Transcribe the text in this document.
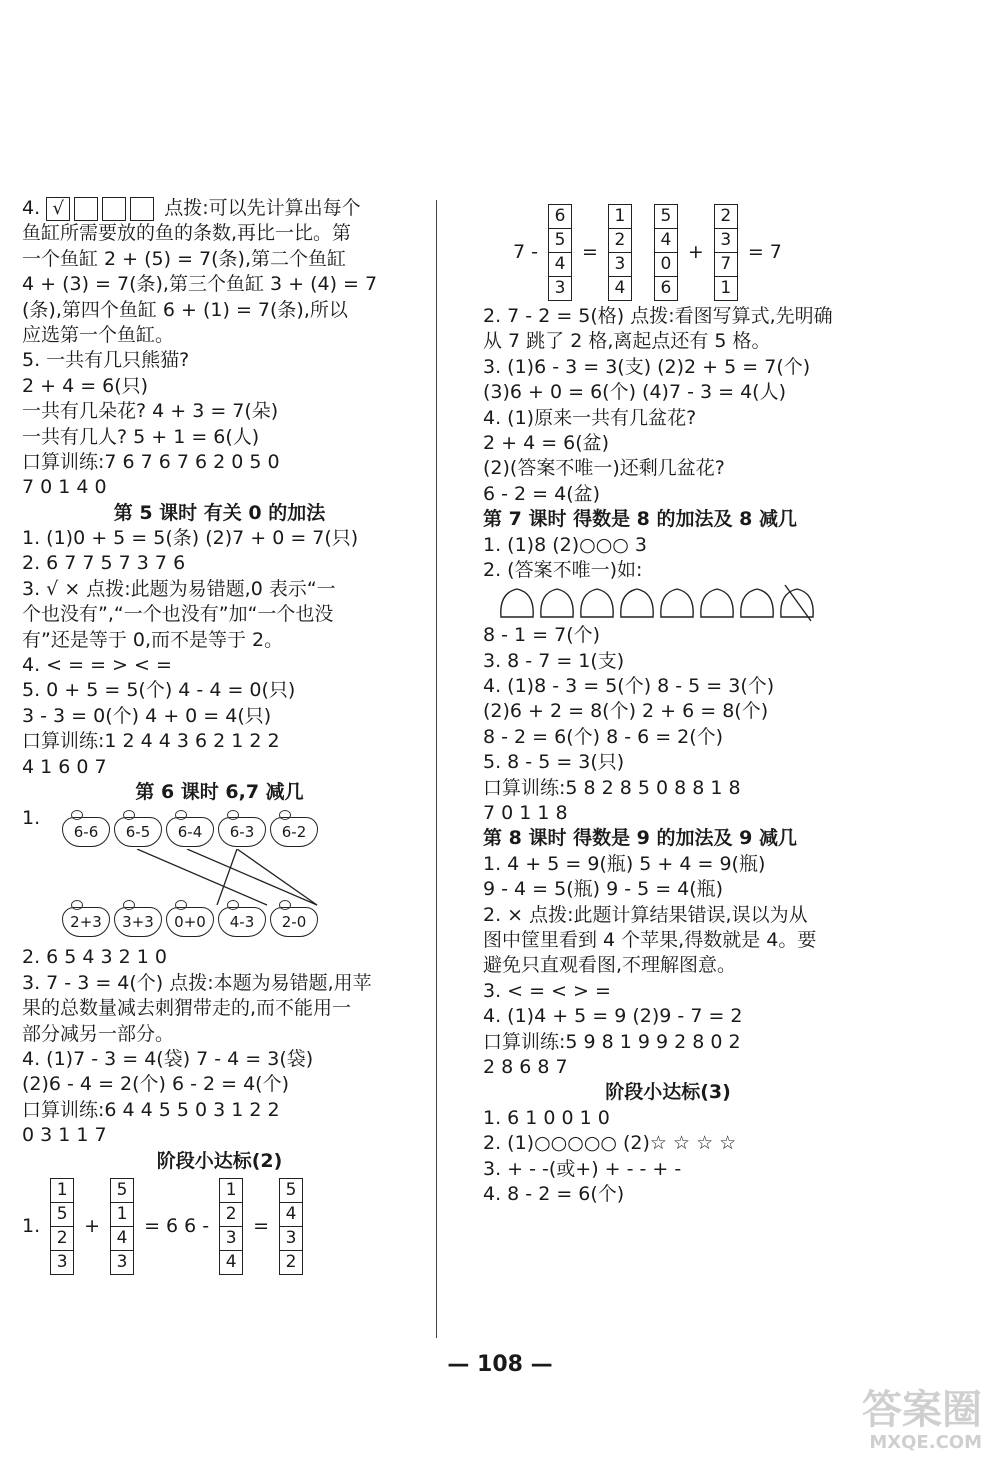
4. √	点拨:可以先计算出每个
鱼缸所需要放的鱼的条数,再比一比。第
一个鱼缸 2 + (5) = 7(条),第二个鱼缸
4 + (3) = 7(条),第三个鱼缸 3 + (4) = 7
(条),第四个鱼缸 6 + (1) = 7(条),所以
应选第一个鱼缸。
5. 一共有几只熊猫?
2 + 4 = 6(只)
一共有几朵花? 4 + 3 = 7(朵)
一共有几人? 5 + 1 = 6(人)
口算训练:7 6 7 6 7 6 2 0 5 0
7 0 1 4 0
第 5 课时 有关 0 的加法
1. (1)0 + 5 = 5(条) (2)7 + 0 = 7(只)
2. 6 7 7 5 7 3 7 6
3. √ × 点拨:此题为易错题,0 表示“一
个也没有”,“一个也没有”加“一个也没
有”还是等于 0,而不是等于 2。
4. < = = > < =
5. 0 + 5 = 5(个) 4 - 4 = 0(只)
3 - 3 = 0(个) 4 + 0 = 4(只)
口算训练:1 2 4 4 3 6 2 1 2 2
4 1 6 0 7
第 6 课时 6,7 减几
1.
6-6 6-5 6-4 6-3 6-2
2+3 3+3 0+0 4-3 2-0
2. 6 5 4 3 2 1 0
3. 7 - 3 = 4(个) 点拨:本题为易错题,用苹
果的总数量减去刺猬带走的,而不能用一
部分减另一部分。
4. (1)7 - 3 = 4(袋) 7 - 4 = 3(袋)
(2)6 - 4 = 2(个) 6 - 2 = 4(个)
口算训练:6 4 4 5 5 0 3 1 2 2
0 3 1 1 7
阶段小达标(2)
1.
1
5
2
3
+
5
1
4
3
= 6 6 -
1
2
3
4
=
5
4
3
2
7 -
6
5
4
3
=
1
2
3
4
5
4
0
6
+
2
3
7
1
= 7
2. 7 - 2 = 5(格) 点拨:看图写算式,先明确
从 7 跳了 2 格,离起点还有 5 格。
3. (1)6 - 3 = 3(支) (2)2 + 5 = 7(个)
(3)6 + 0 = 6(个) (4)7 - 3 = 4(人)
4. (1)原来一共有几盆花?
2 + 4 = 6(盆)
(2)(答案不唯一)还剩几盆花?
6 - 2 = 4(盆)
第 7 课时 得数是 8 的加法及 8 减几
1. (1)8 (2)○○○ 3
2. (答案不唯一)如:
8 - 1 = 7(个)
3. 8 - 7 = 1(支)
4. (1)8 - 3 = 5(个) 8 - 5 = 3(个)
(2)6 + 2 = 8(个) 2 + 6 = 8(个)
8 - 2 = 6(个) 8 - 6 = 2(个)
5. 8 - 5 = 3(只)
口算训练:5 8 2 8 5 0 8 8 1 8
7 0 1 1 8
第 8 课时 得数是 9 的加法及 9 减几
1. 4 + 5 = 9(瓶) 5 + 4 = 9(瓶)
9 - 4 = 5(瓶) 9 - 5 = 4(瓶)
2. × 点拨:此题计算结果错误,误以为从
图中筐里看到 4 个苹果,得数就是 4。要
避免只直观看图,不理解图意。
3. < = < > =
4. (1)4 + 5 = 9 (2)9 - 7 = 2
口算训练:5 9 8 1 9 9 2 8 0 2
2 8 6 8 7
阶段小达标(3)
1. 6 1 0 0 1 0
2. (1)○○○○○ (2)☆ ☆ ☆ ☆
3. + - -(或+) + - - + -
4. 8 - 2 = 6(个)
— 108 —
答案圈
MXQE.COM
